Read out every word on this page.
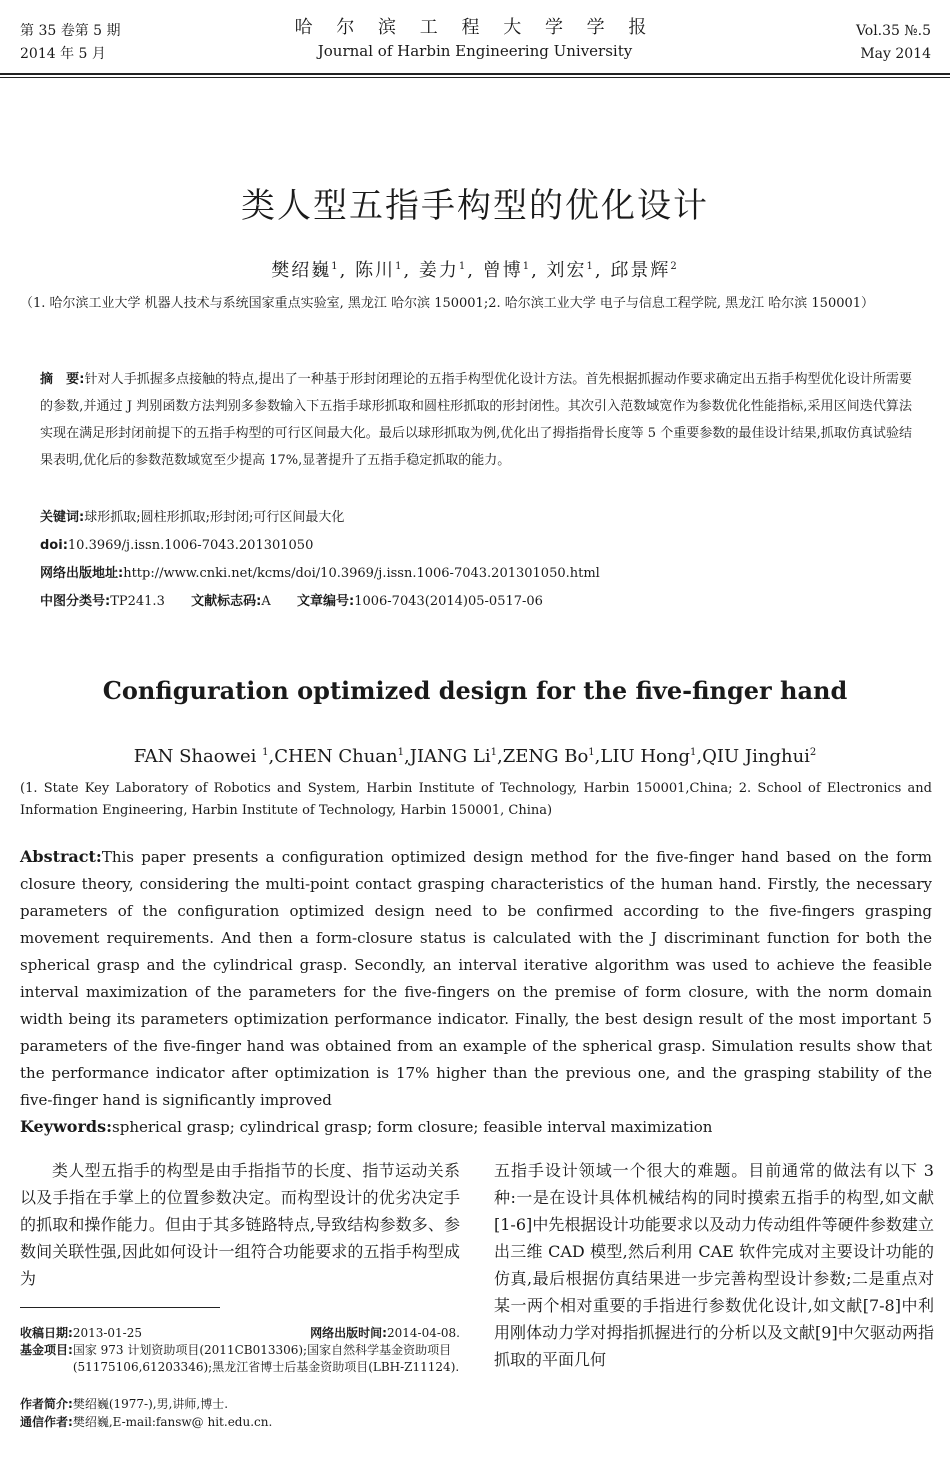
第 35 卷第 5 期
2014 年 5 月
哈 尔 滨 工 程 大 学 学 报
Journal of Harbin Engineering University
Vol.35 №.5
May 2014
类人型五指手构型的优化设计
樊绍巍$^1$, 陈川$^1$, 姜力$^1$, 曾博$^1$, 刘宏$^1$, 邱景辉$^2$
（1. 哈尔滨工业大学 机器人技术与系统国家重点实验室, 黑龙江 哈尔滨 150001;2. 哈尔滨工业大学 电子与信息工程学院, 黑龙江 哈尔滨 150001）
摘　要:针对人手抓握多点接触的特点,提出了一种基于形封闭理论的五指手构型优化设计方法。首先根据抓握动作要求确定出五指手构型优化设计所需要的参数,并通过 J 判别函数方法判别多参数输入下五指手球形抓取和圆柱形抓取的形封闭性。其次引入范数域宽作为参数优化性能指标,采用区间迭代算法实现在满足形封闭前提下的五指手构型的可行区间最大化。最后以球形抓取为例,优化出了拇指指骨长度等 5 个重要参数的最佳设计结果,抓取仿真试验结果表明,优化后的参数范数域宽至少提高 17%,显著提升了五指手稳定抓取的能力。
关键词:球形抓取;圆柱形抓取;形封闭;可行区间最大化
doi:10.3969/j.issn.1006-7043.201301050
网络出版地址:http://www.cnki.net/kcms/doi/10.3969/j.issn.1006-7043.201301050.html
中图分类号:TP241.3 文献标志码:A 文章编号:1006-7043(2014)05-0517-06
Configuration optimized design for the five-finger hand
FAN Shaowei $^1$,CHEN Chuan$^1$,JIANG Li$^1$,ZENG Bo$^1$,LIU Hong$^1$,QIU Jinghui$^2$
(1. State Key Laboratory of Robotics and System, Harbin Institute of Technology, Harbin 150001,China; 2. School of Electronics and Information Engineering, Harbin Institute of Technology, Harbin 150001, China)
Abstract:This paper presents a configuration optimized design method for the five-finger hand based on the form closure theory, considering the multi-point contact grasping characteristics of the human hand. Firstly, the necessary parameters of the configuration optimized design need to be confirmed according to the five-fingers grasping movement requirements. And then a form-closure status is calculated with the J discriminant function for both the spherical grasp and the cylindrical grasp. Secondly, an interval iterative algorithm was used to achieve the feasible interval maximization of the parameters for the five-fingers on the premise of form closure, with the norm domain width being its parameters optimization performance indicator. Finally, the best design result of the most important 5 parameters of the five-finger hand was obtained from an example of the spherical grasp. Simulation results show that the performance indicator after optimization is 17% higher than the previous one, and the grasping stability of the five-finger hand is significantly improved
Keywords:spherical grasp; cylindrical grasp; form closure; feasible interval maximization
类人型五指手的构型是由手指指节的长度、指节运动关系以及手指在手掌上的位置参数决定。而构型设计的优劣决定手的抓取和操作能力。但由于其多链路特点,导致结构参数多、参数间关联性强,因此如何设计一组符合功能要求的五指手构型成为
五指手设计领域一个很大的难题。目前通常的做法有以下 3 种:一是在设计具体机械结构的同时摸索五指手的构型,如文献[1-6]中先根据设计功能要求以及动力传动组件等硬件参数建立出三维 CAD 模型,然后利用 CAE 软件完成对主要设计功能的仿真,最后根据仿真结果进一步完善构型设计参数;二是重点对某一两个相对重要的手指进行参数优化设计,如文献[7-8]中利用刚体动力学对拇指抓握进行的分析以及文献[9]中欠驱动两指抓取的平面几何
收稿日期:2013-01-25	网络出版时间:2014-04-08.
基金项目: 国家 973 计划资助项目(2011CB013306);国家自然科学基金资助项目(51175106,61203346);黑龙江省博士后基金资助项目(LBH-Z11124).
作者简介:樊绍巍(1977-),男,讲师,博士.
通信作者:樊绍巍,E-mail:fansw@ hit.edu.cn.
